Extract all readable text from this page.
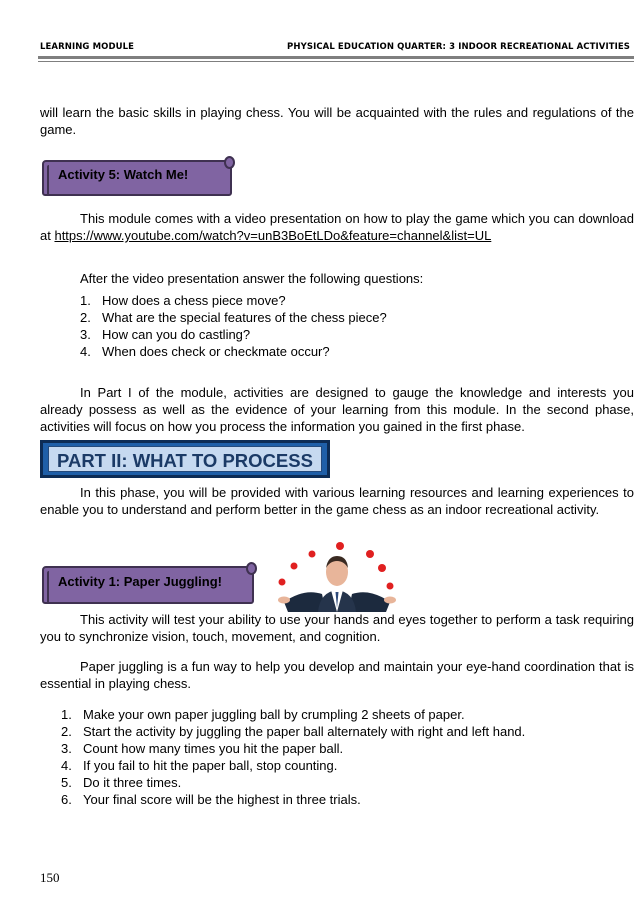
LEARNING MODULE	PHYSICAL EDUCATION QUARTER: 3 INDOOR RECREATIONAL ACTIVITIES

will learn the basic skills in playing chess. You will be acquainted with the rules and regulations of the game.

Activity 5: Watch Me!

This module comes with a video presentation on how to play the game which you can download at https://www.youtube.com/watch?v=unB3BoEtLDo&feature=channel&list=UL

After the video presentation answer the following questions:

1. How does a chess piece move?
2. What are the special features of the chess piece?
3. How can you do castling?
4. When does check or checkmate occur?

In Part I of the module, activities are designed to gauge the knowledge and interests you already possess as well as the evidence of your learning from this module. In the second phase, activities will focus on how you process the information you gained in the first phase.

PART II: WHAT TO PROCESS

In this phase, you will be provided with various learning resources and learning experiences to enable you to understand and perform better in the game chess as an indoor recreational activity.

Activity 1: Paper Juggling!

This activity will test your ability to use your hands and eyes together to perform a task requiring you to synchronize vision, touch, movement, and cognition.

Paper juggling is a fun way to help you develop and maintain your eye-hand coordination that is essential in playing chess.

1. Make your own paper juggling ball by crumpling 2 sheets of paper.
2. Start the activity by juggling the paper ball alternately with right and left hand.
3. Count how many times you hit the paper ball.
4. If you fail to hit the paper ball, stop counting.
5. Do it three times.
6. Your final score will be the highest in three trials.
150
